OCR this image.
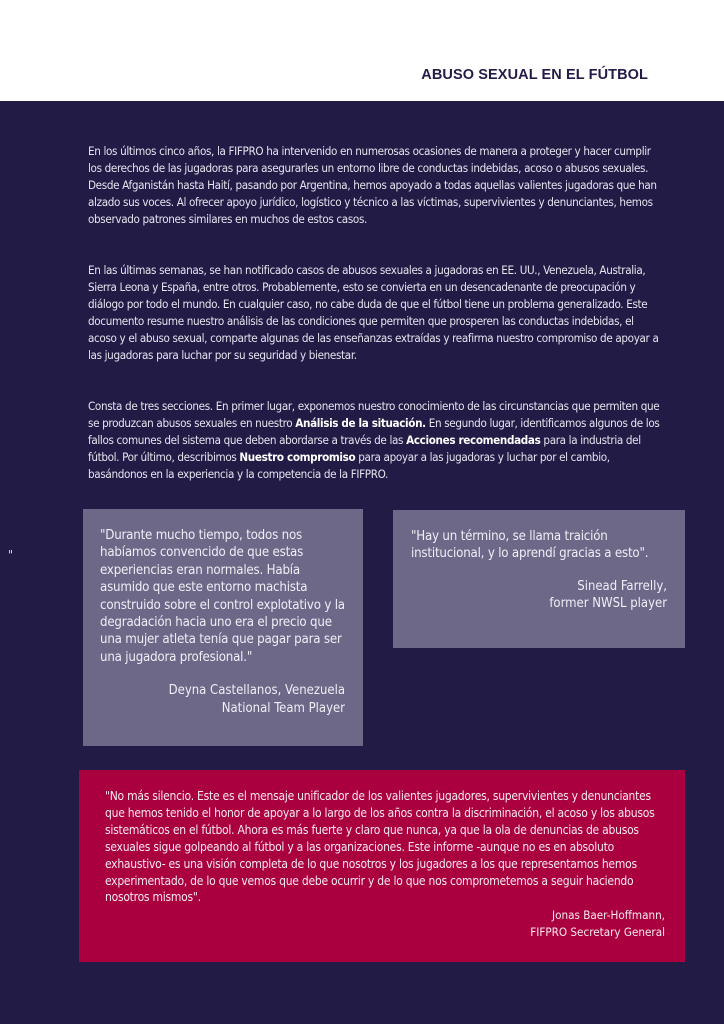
ABUSO SEXUAL EN EL FÚTBOL

En los últimos cinco años, la FIFPRO ha intervenido en numerosas ocasiones de manera a proteger y hacer cumplir los derechos de las jugadoras para asegurarles un entorno libre de conductas indebidas, acoso o abusos sexuales. Desde Afganistán hasta Haití, pasando por Argentina, hemos apoyado a todas aquellas valientes jugadoras que han alzado sus voces. Al ofrecer apoyo jurídico, logístico y técnico a las víctimas, supervivientes y denunciantes, hemos observado patrones similares en muchos de estos casos.

En las últimas semanas, se han notificado casos de abusos sexuales a jugadoras en EE. UU., Venezuela, Australia, Sierra Leona y España, entre otros. Probablemente, esto se convierta en un desencadenante de preocupación y diálogo por todo el mundo. En cualquier caso, no cabe duda de que el fútbol tiene un problema generalizado. Este documento resume nuestro análisis de las condiciones que permiten que prosperen las conductas indebidas, el acoso y el abuso sexual, comparte algunas de las enseñanzas extraídas y reafirma nuestro compromiso de apoyar a las jugadoras para luchar por su seguridad y bienestar.

Consta de tres secciones. En primer lugar, exponemos nuestro conocimiento de las circunstancias que permiten que se produzcan abusos sexuales en nuestro Análisis de la situación. En segundo lugar, identificamos algunos de los fallos comunes del sistema que deben abordarse a través de las Acciones recomendadas para la industria del fútbol. Por último, describimos Nuestro compromiso para apoyar a las jugadoras y luchar por el cambio, basándonos en la experiencia y la competencia de la FIFPRO.

"

"Durante mucho tiempo, todos nos habíamos convencido de que estas experiencias eran normales. Había asumido que este entorno machista construido sobre el control explotativo y la degradación hacia uno era el precio que una mujer atleta tenía que pagar para ser una jugadora profesional."

Deyna Castellanos, Venezuela
National Team Player

"Hay un término, se llama traición institucional, y lo aprendí gracias a esto".

Sinead Farrelly,
former NWSL player

"No más silencio. Este es el mensaje unificador de los valientes jugadores, supervivientes y denunciantes que hemos tenido el honor de apoyar a lo largo de los años contra la discriminación, el acoso y los abusos sistemáticos en el fútbol. Ahora es más fuerte y claro que nunca, ya que la ola de denuncias de abusos sexuales sigue golpeando al fútbol y a las organizaciones. Este informe -aunque no es en absoluto exhaustivo- es una visión completa de lo que nosotros y los jugadores a los que representamos hemos experimentado, de lo que vemos que debe ocurrir y de lo que nos comprometemos a seguir haciendo nosotros mismos".

Jonas Baer-Hoffmann,
FIFPRO Secretary General
